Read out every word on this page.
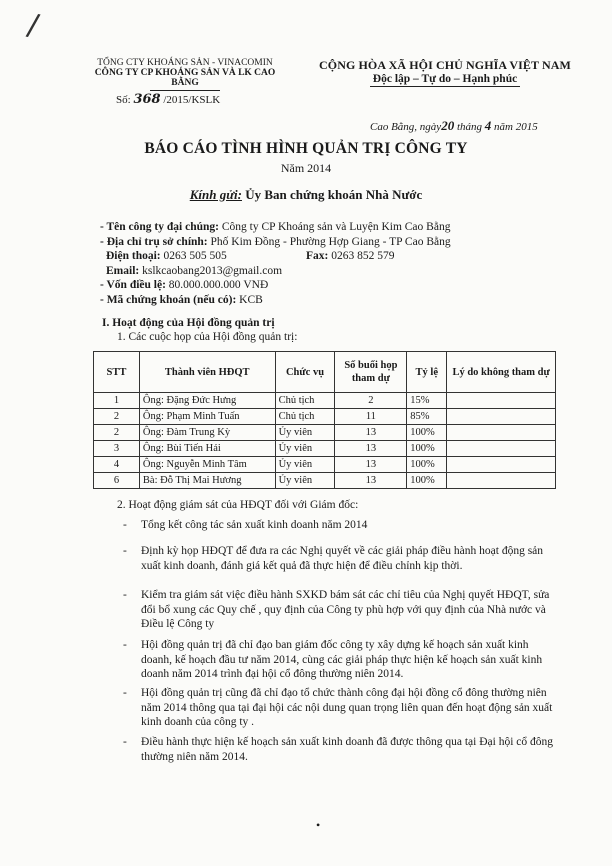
/
TỔNG CTY KHOÁNG SẢN - VINACOMIN
CÔNG TY CP KHOÁNG SẢN VÀ LK CAO BẰNG
CỘNG HÒA XÃ HỘI CHỦ NGHĨA VIỆT NAM
Độc lập – Tự do – Hạnh phúc
Số: 368 /2015/KSLK
Cao Bằng, ngày20 tháng 4 năm 2015
BÁO CÁO TÌNH HÌNH QUẢN TRỊ CÔNG TY
Năm 2014
Kính gửi: Ủy Ban chứng khoán Nhà Nước
- Tên công ty đại chúng: Công ty CP Khoáng sản và Luyện Kim Cao Bằng
- Địa chỉ trụ sở chính: Phố Kim Đồng - Phường Hợp Giang - TP Cao Bằng
Điện thoại: 0263 505 505	Fax: 0263 852 579
Email: kslkcaobang2013@gmail.com
- Vốn điều lệ: 80.000.000.000 VNĐ
- Mã chứng khoán (nếu có): KCB
I. Hoạt động của Hội đồng quản trị
1. Các cuộc họp của Hội đồng quản trị:
STT	Thành viên HĐQT	Chức vụ	Số buổi họp tham dự	Tỷ lệ	Lý do không tham dự
1	Ông: Đặng Đức Hưng	Chủ tịch	2	15%	
2	Ông: Phạm Minh Tuấn	Chủ tịch	11	85%	
2	Ông: Đàm Trung Kỳ	Ủy viên	13	100%	
3	Ông: Bùi Tiến Hải	Ủy viên	13	100%	
4	Ông: Nguyễn Minh Tâm	Ủy viên	13	100%	
6	Bà: Đỗ Thị Mai Hương	Ủy viên	13	100%	
2. Hoạt động giám sát của HĐQT đối với Giám đốc:
- Tổng kết công tác sản xuất kinh doanh năm 2014
- Định kỳ họp HĐQT để đưa ra các Nghị quyết về các giải pháp điều hành hoạt động sản xuất kinh doanh, đánh giá kết quả đã thực hiện để điều chỉnh kịp thời.
- Kiểm tra giám sát việc điều hành SXKD bám sát các chỉ tiêu của Nghị quyết HĐQT, sửa đổi bổ xung các Quy chế , quy định của Công ty phù hợp với quy định của Nhà nước và Điều lệ Công ty
- Hội đồng quản trị đã chỉ đạo ban giám đốc công ty xây dựng kế hoạch sản xuất kinh doanh, kế hoạch đầu tư năm 2014, cùng các giải pháp thực hiện kế hoạch sản xuất kinh doanh năm 2014 trình đại hội cổ đông thường niên 2014.
- Hội đồng quản trị cũng đã chỉ đạo tổ chức thành công đại hội đồng cổ đông thường niên năm 2014 thông qua tại đại hội các nội dung quan trọng liên quan đến hoạt động sản xuất kinh doanh của công ty .
- Điều hành thực hiện kế hoạch sản xuất kinh doanh đã được thông qua tại Đại hội cổ đông thường niên năm 2014.
•
